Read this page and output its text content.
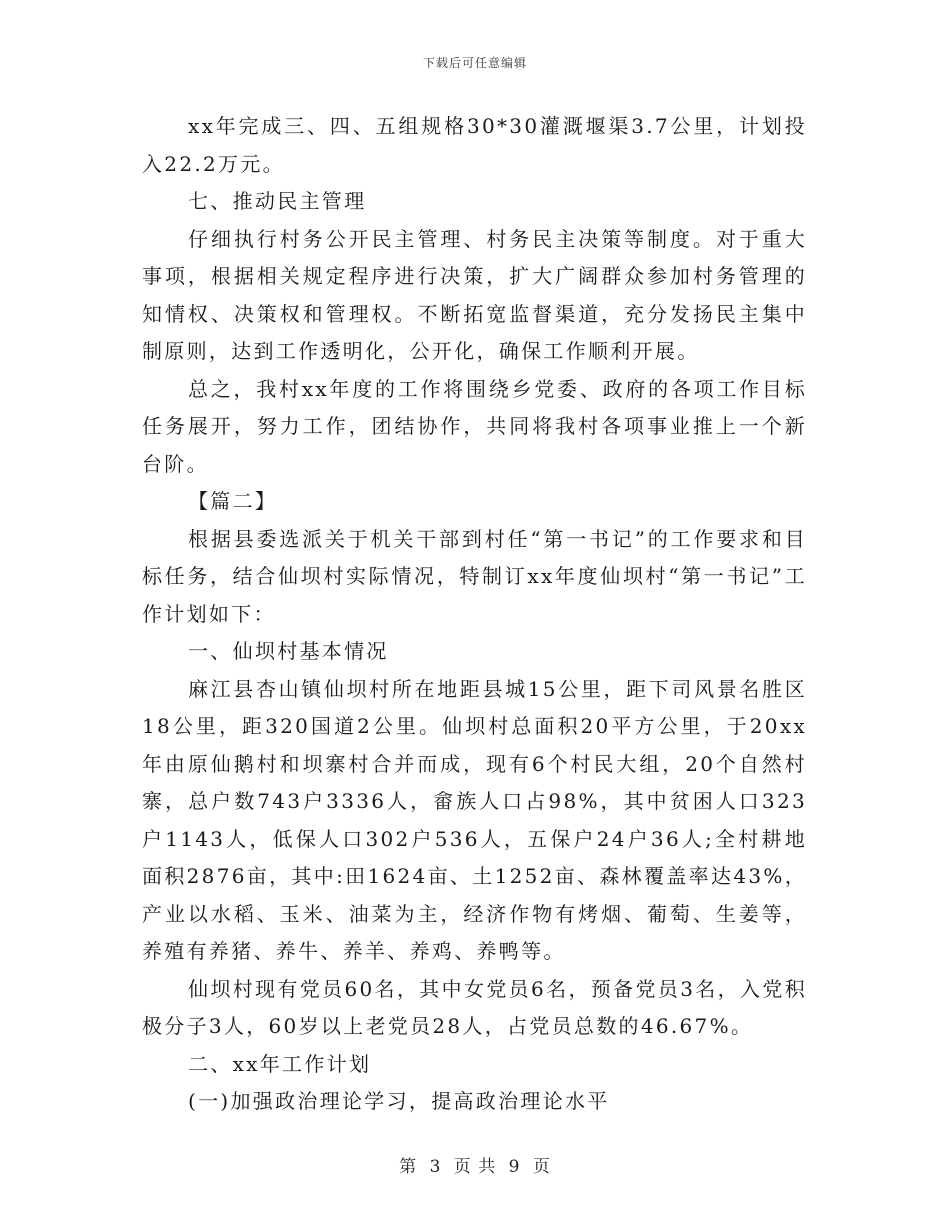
下载后可任意编辑

xx年完成三、四、五组规格30*30灌溉堰渠3.7公里，计划投入22.2万元。

七、推动民主管理

仔细执行村务公开民主管理、村务民主决策等制度。对于重大事项，根据相关规定程序进行决策，扩大广阔群众参加村务管理的知情权、决策权和管理权。不断拓宽监督渠道，充分发扬民主集中制原则，达到工作透明化，公开化，确保工作顺利开展。

总之，我村xx年度的工作将围绕乡党委、政府的各项工作目标任务展开，努力工作，团结协作，共同将我村各项事业推上一个新台阶。

【篇二】

根据县委选派关于机关干部到村任“第一书记”的工作要求和目标任务，结合仙坝村实际情况，特制订xx年度仙坝村“第一书记”工作计划如下：

一、仙坝村基本情况

麻江县杏山镇仙坝村所在地距县城15公里，距下司风景名胜区18公里，距320国道2公里。仙坝村总面积20平方公里，于20xx年由原仙鹅村和坝寨村合并而成，现有6个村民大组，20个自然村寨，总户数743户3336人，畲族人口占98%，其中贫困人口323户1143人，低保人口302户536人，五保户24户36人;全村耕地面积2876亩，其中:田1624亩、土1252亩、森林覆盖率达43%，产业以水稻、玉米、油菜为主，经济作物有烤烟、葡萄、生姜等，养殖有养猪、养牛、养羊、养鸡、养鸭等。

仙坝村现有党员60名，其中女党员6名，预备党员3名，入党积极分子3人，60岁以上老党员28人，占党员总数的46.67%。

二、xx年工作计划

(一)加强政治理论学习，提高政治理论水平

第 3 页 共 9 页
